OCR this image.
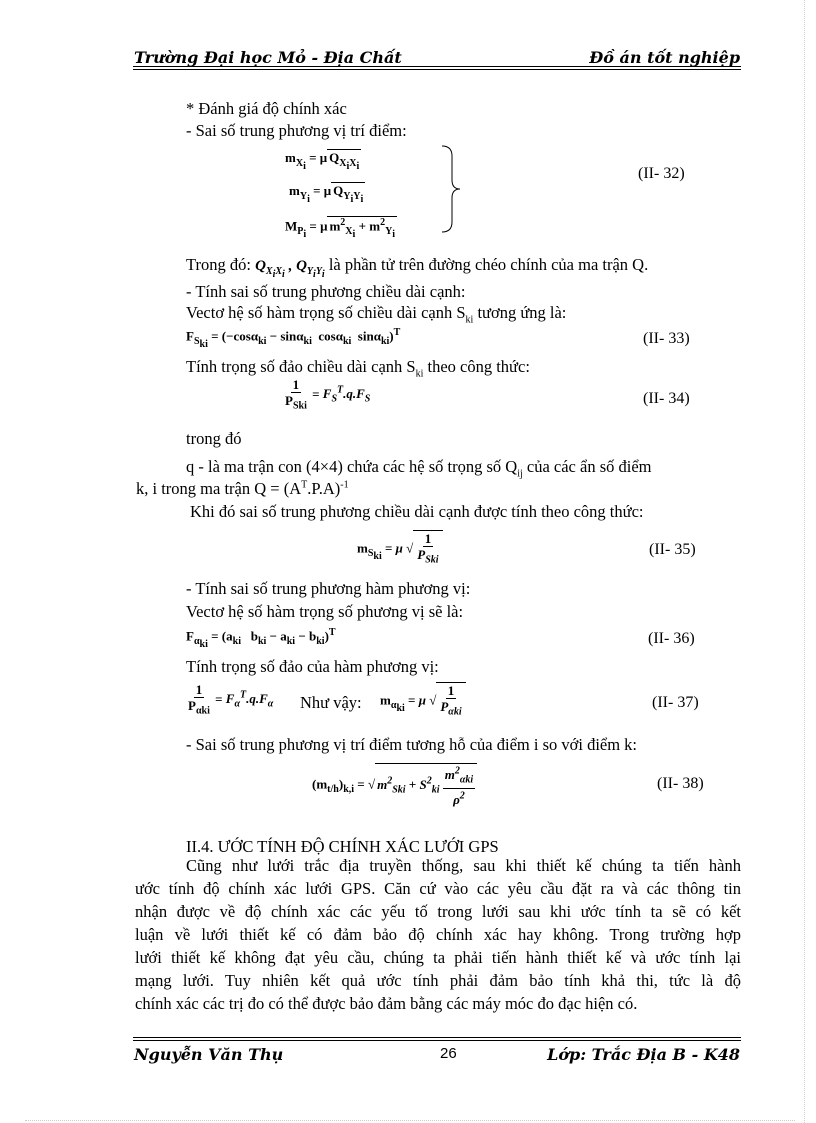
Trường Đại học Mỏ - Địa Chất	Đồ án tốt nghiệp
* Đánh giá độ chính xác
- Sai số trung phương vị trí điểm:
$m_{X_i} = \mu$ $Q_{X_iX_i}$
$m_{Y_i} = \mu$ $Q_{Y_iY_i}$
$M_{P_i} = \mu$ $m^2_{X_i} + m^2_{Y_i}$
(II- 32)
Trong đó: $Q_{X_iX_i}$ , $Q_{Y_iY_i}$ là phần tử trên đường chéo chính của ma trận Q.
- Tính sai số trung phương chiều dài cạnh:
Vectơ hệ số hàm trọng số chiều dài cạnh $S_{ki}$ tương ứng là:
$F_{S_{ki}} = (-\cos\alpha_{ki} - \sin\alpha_{ki}$  cosα$_{ki}$  sinα$_{ki}$)$^T$	(II- 33)
Tính trọng số đảo chiều dài cạnh $S_{ki}$ theo công thức:
$\frac{1}{P_{Ski}} = F_S^T.q.F_S$	(II- 34)
trong đó
q - là ma trận con (4×4) chứa các hệ số trọng số $Q_{ij}$ của các ẩn số điểm
k, i trong ma trận $Q = (A^T.P.A)^{-1}$
Khi đó sai số trung phương chiều dài cạnh được tính theo công thức:
$m_{S_{ki}} = \mu$ √ $\frac{1}{P_{Ski}}$	(II- 35)
- Tính sai số trung phương hàm phương vị:
Vectơ hệ số hàm trọng số phương vị sẽ là:
$F_{\alpha_{ki}} = (a_{ki}$   $b_{ki} - a_{ki} - b_{ki})^T$	(II- 36)
Tính trọng số đảo của hàm phương vị:
$\frac{1}{P_{\alpha ki}} = F_\alpha^T.q.F_\alpha$ Như vậy: $m_{\alpha_{ki}} = \mu$ √ $\frac{1}{P_{\alpha ki}}$	(II- 37)
- Sai số trung phương vị trí điểm tương hỗ của điểm i so với điểm k:
$(m_{t/h})_{k,i}$ = √ $m^2_{Ski} + S^2_{ki} \frac{m^2_{\alpha ki}}{\rho^2}$	(II- 38)
II.4. ƯỚC TÍNH ĐỘ CHÍNH XÁC LƯỚI GPS
Cũng như lưới trắc địa truyền thống, sau khi thiết kế chúng ta tiến hành
ước tính độ chính xác lưới GPS. Căn cứ vào các yêu cầu đặt ra và các thông tin
nhận được về độ chính xác các yếu tố trong lưới sau khi ước tính ta sẽ có kết
luận về lưới thiết kế có đảm bảo độ chính xác hay không. Trong trường hợp
lưới thiết kế không đạt yêu cầu, chúng ta phải tiến hành thiết kế và ước tính lại
mạng lưới. Tuy nhiên kết quả ước tính phải đảm bảo tính khả thi, tức là độ
chính xác các trị đo có thể được bảo đảm bằng các máy móc đo đạc hiện có.
Nguyễn Văn Thụ	26	Lớp: Trắc Địa B - K48
